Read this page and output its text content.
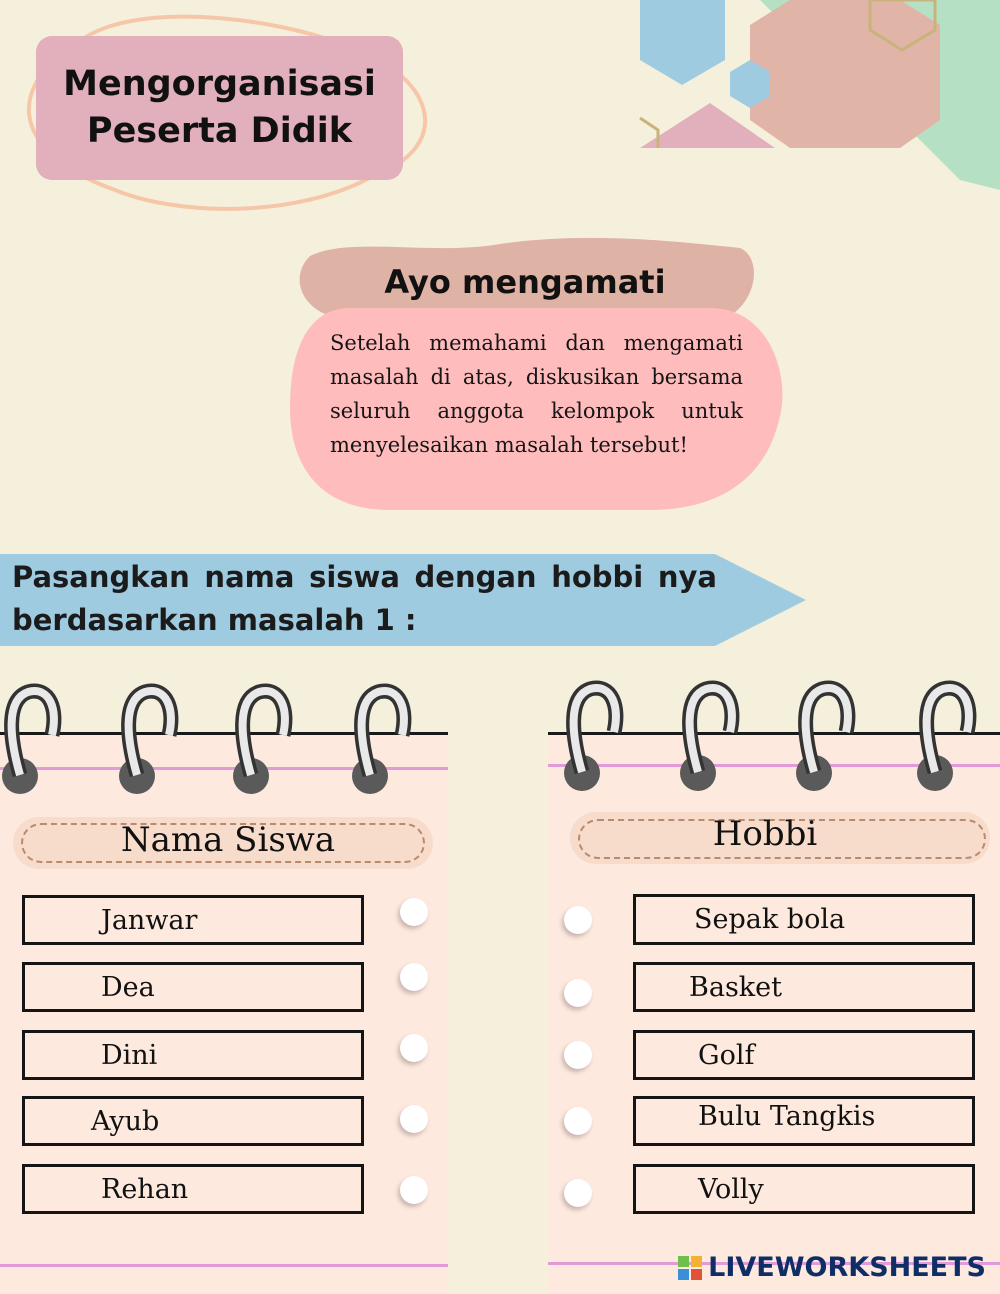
Mengorganisasi
Peserta Didik
Ayo mengamati
Setelah memahami dan mengamati masalah di atas, diskusikan bersama seluruh anggota kelompok untuk menyelesaikan masalah tersebut!
Pasangkan nama siswa dengan hobbi nya berdasarkan masalah 1 :
Nama Siswa
Janwar
Dea
Dini
Ayub
Rehan
Hobbi
Sepak bola
Basket
Golf
Bulu Tangkis
Volly
LIVEWORKSHEETS
